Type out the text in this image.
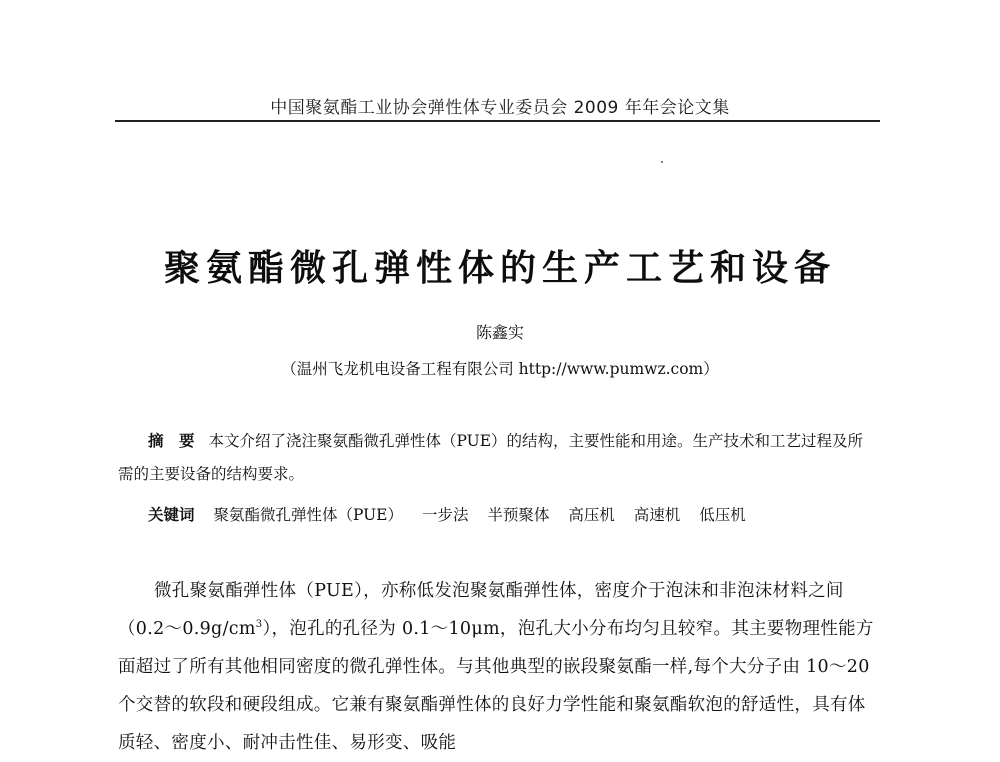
中国聚氨酯工业协会弹性体专业委员会 2009 年年会论文集
聚氨酯微孔弹性体的生产工艺和设备
陈鑫实
（温州飞龙机电设备工程有限公司 http://www.pumwz.com）
摘　要 本文介绍了浇注聚氨酯微孔弹性体（PUE）的结构，主要性能和用途。生产技术和工艺过程及所需的主要设备的结构要求。
关键词 聚氨酯微孔弹性体（PUE） 一步法 半预聚体 高压机 高速机 低压机
微孔聚氨酯弹性体（PUE），亦称低发泡聚氨酯弹性体，密度介于泡沫和非泡沫材料之间$(0.2\sim 0.9g/cm^3)$，泡孔的孔径为 0.1～10μm，泡孔大小分布均匀且较窄。其主要物理性能方面超过了所有其他相同密度的微孔弹性体。与其他典型的嵌段聚氨酯一样,每个大分子由 10～20 个交替的软段和硬段组成。它兼有聚氨酯弹性体的良好力学性能和聚氨酯软泡的舒适性，具有体质轻、密度小、耐冲击性佳、易形变、吸能
